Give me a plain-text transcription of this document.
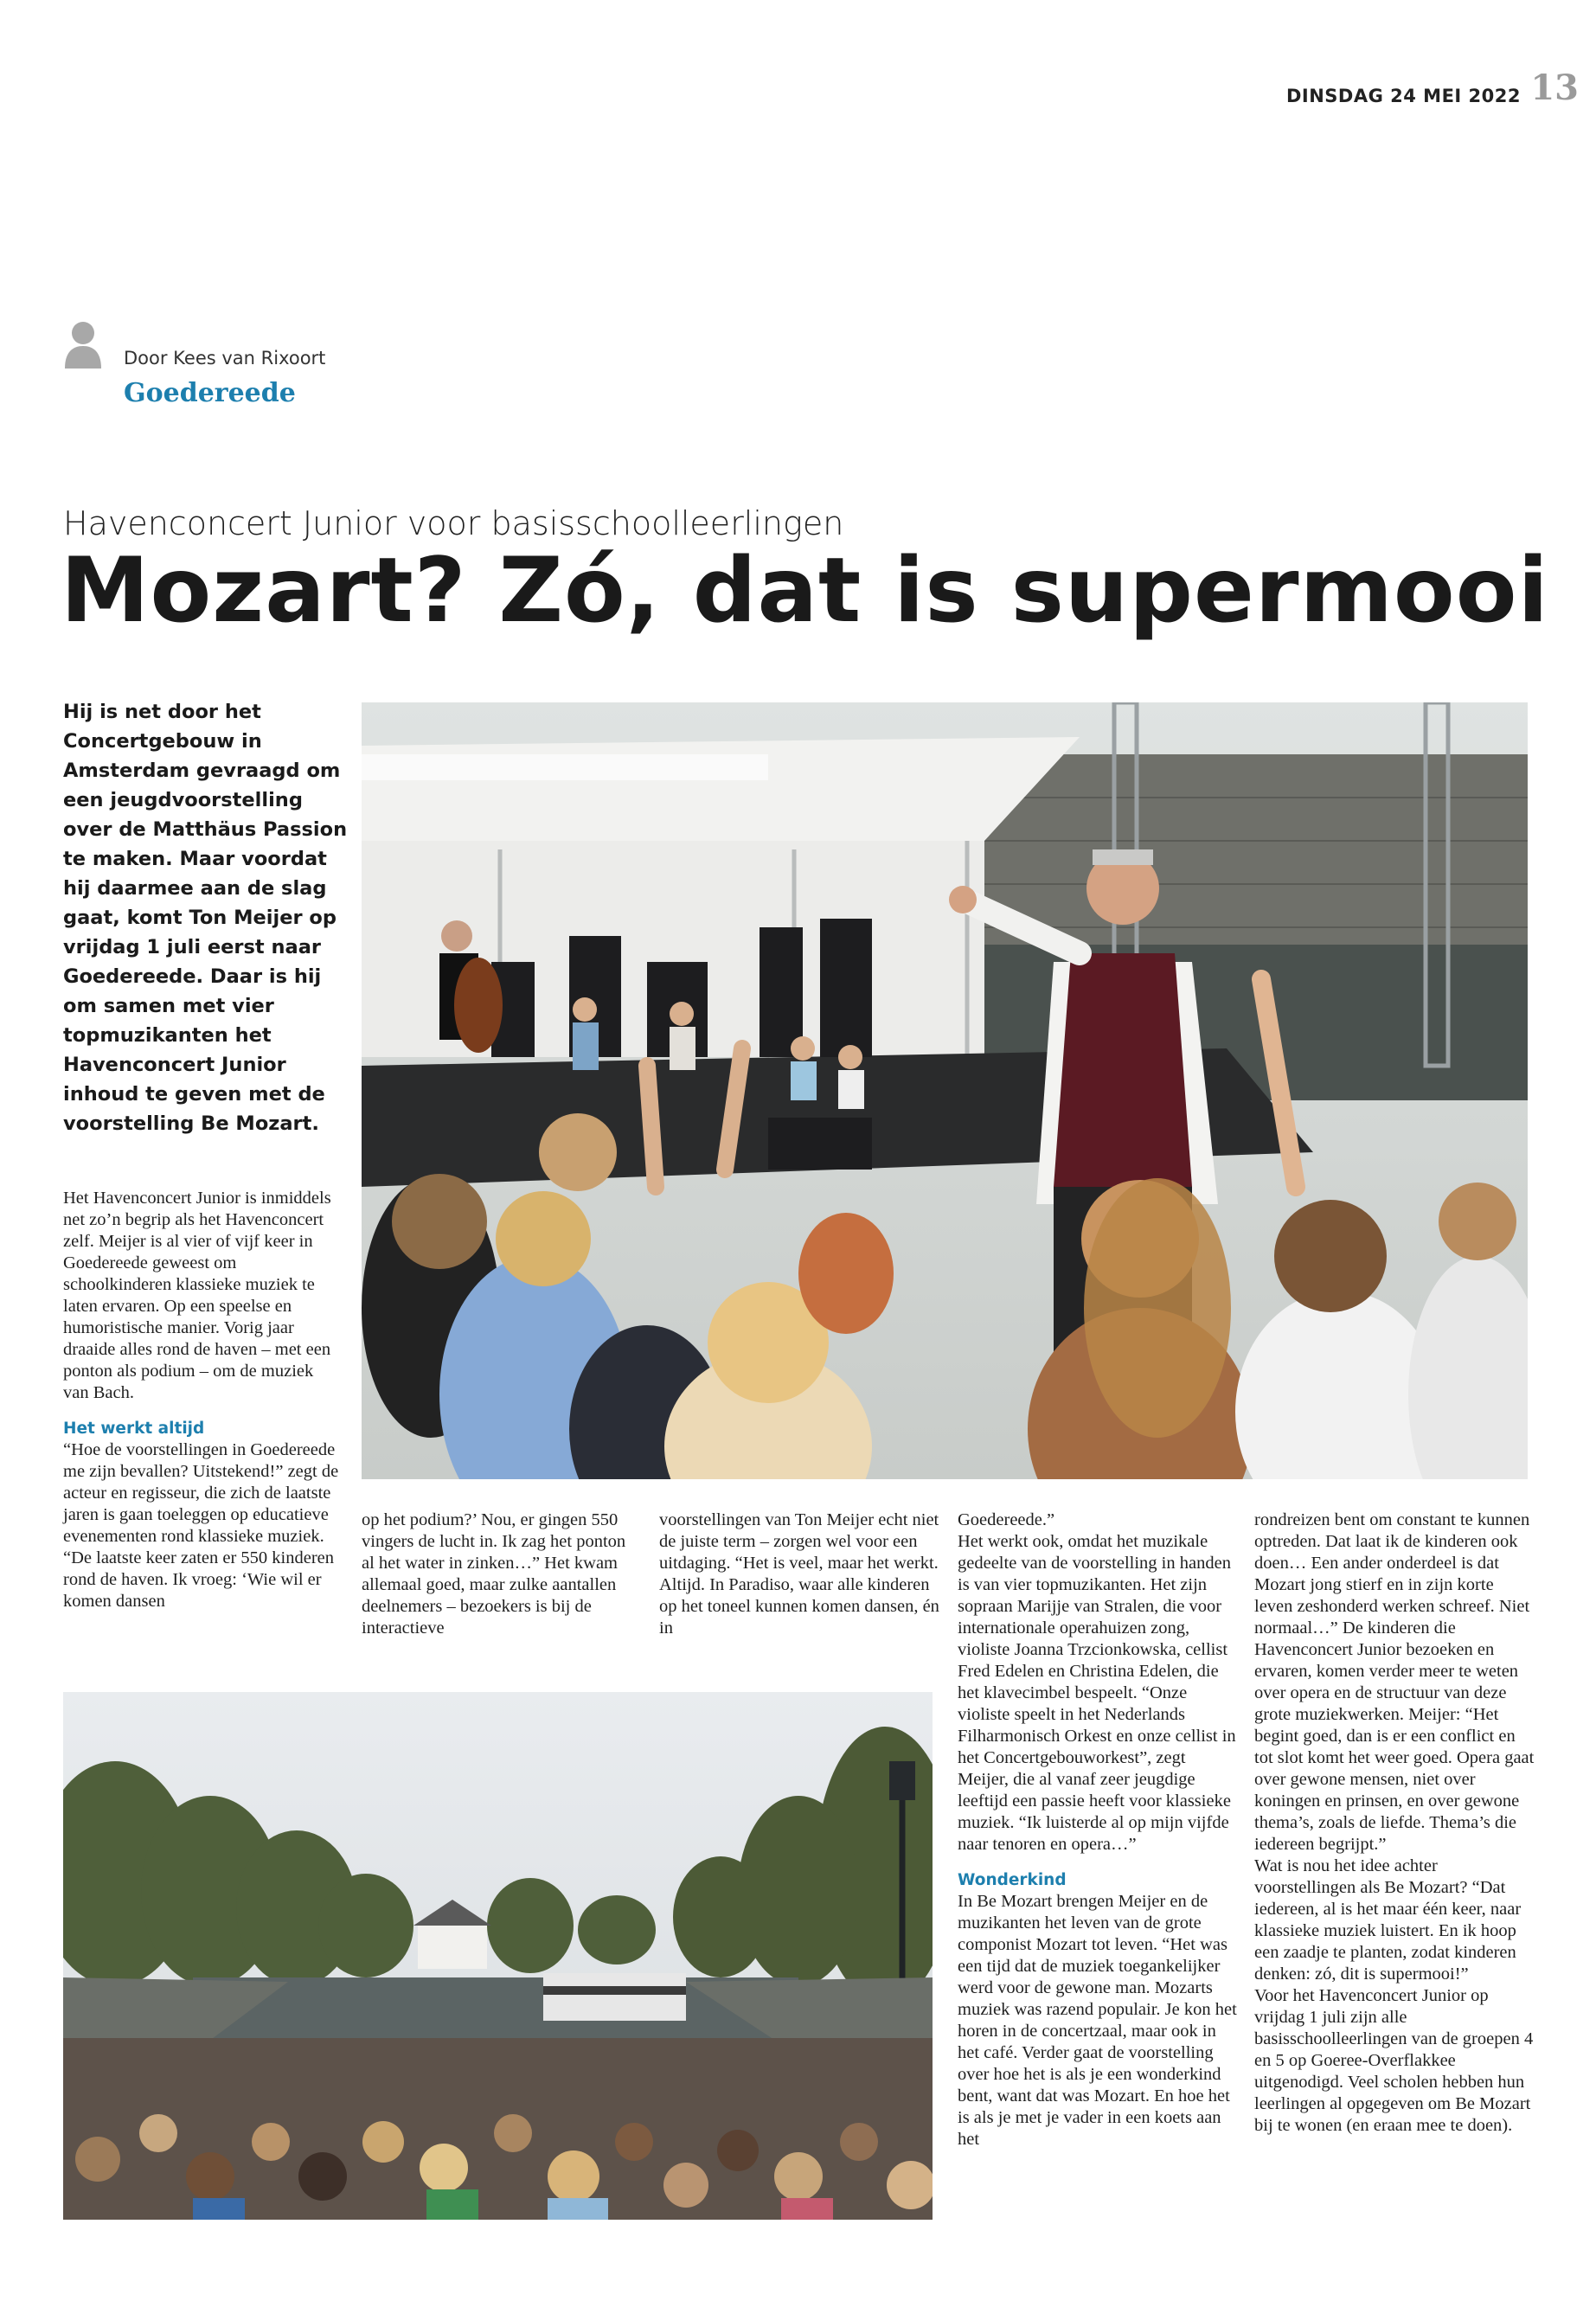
DINSDAG 24 MEI 2022 13
Door Kees van Rixoort
Goedereede
Havenconcert Junior voor basisschoolleerlingen
Mozart? Zó, dat is supermooi
Hij is net door het Concertgebouw in Amsterdam gevraagd om een jeugdvoorstelling over de Matthäus Passion te maken. Maar voordat hij daarmee aan de slag gaat, komt Ton Meijer op vrijdag 1 juli eerst naar Goedereede. Daar is hij om samen met vier topmuzikanten het Havenconcert Junior inhoud te geven met de voorstelling Be Mozart.

Het Havenconcert Junior is inmiddels net zo’n begrip als het Havenconcert zelf. Meijer is al vier of vijf keer in Goedereede geweest om schoolkinderen klassieke muziek te laten ervaren. Op een speelse en humoristische manier. Vorig jaar draaide alles rond de haven – met een ponton als podium – om de muziek van Bach.

Het werkt altijd

“Hoe de voorstellingen in Goedereede me zijn bevallen? Uitstekend!” zegt de acteur en regisseur, die zich de laatste jaren is gaan toeleggen op educatieve evenementen rond klassieke muziek. “De laatste keer zaten er 550 kinderen rond de haven. Ik vroeg: ‘Wie wil er komen dansen

op het podium?’ Nou, er gingen 550 vingers de lucht in. Ik zag het ponton al het water in zinken…” Het kwam allemaal goed, maar zulke aantallen deelnemers – bezoekers is bij de interactieve

voorstellingen van Ton Meijer echt niet de juiste term – zorgen wel voor een uitdaging. “Het is veel, maar het werkt. Altijd. In Paradiso, waar alle kinderen op het toneel kunnen komen dansen, én in

Goedereede.”

Het werkt ook, omdat het muzikale gedeelte van de voorstelling in handen is van vier topmuzikanten. Het zijn sopraan Marijje van Stralen, die voor internationale operahuizen zong, violiste Joanna Trzcionkowska, cellist Fred Edelen en Christina Edelen, die het klavecimbel bespeelt. “Onze violiste speelt in het Nederlands Filharmonisch Orkest en onze cellist in het Concertgebouworkest”, zegt Meijer, die al vanaf zeer jeugdige leeftijd een passie heeft voor klassieke muziek. “Ik luisterde al op mijn vijfde naar tenoren en opera…”

Wonderkind

In Be Mozart brengen Meijer en de muzikanten het leven van de grote componist Mozart tot leven. “Het was een tijd dat de muziek toegankelijker werd voor de gewone man. Mozarts muziek was razend populair. Je kon het horen in de concertzaal, maar ook in het café. Verder gaat de voorstelling over hoe het is als je een wonderkind bent, want dat was Mozart. En hoe het is als je met je vader in een koets aan het

rondreizen bent om constant te kunnen optreden. Dat laat ik de kinderen ook doen… Een ander onderdeel is dat Mozart jong stierf en in zijn korte leven zeshonderd werken schreef. Niet normaal…” De kinderen die Havenconcert Junior bezoeken en ervaren, komen verder meer te weten over opera en de structuur van deze grote muziekwerken. Meijer: “Het begint goed, dan is er een conflict en tot slot komt het weer goed. Opera gaat over gewone mensen, niet over koningen en prinsen, en over gewone thema’s, zoals de liefde. Thema’s die iedereen begrijpt.”

Wat is nou het idee achter voorstellingen als Be Mozart? “Dat iedereen, al is het maar één keer, naar klassieke muziek luistert. En ik hoop een zaadje te planten, zodat kinderen denken: zó, dit is supermooi!”

Voor het Havenconcert Junior op vrijdag 1 juli zijn alle basisschoolleerlingen van de groepen 4 en 5 op Goeree-Overflakkee uitgenodigd. Veel scholen hebben hun leerlingen al opgegeven om Be Mozart bij te wonen (en eraan mee te doen).
